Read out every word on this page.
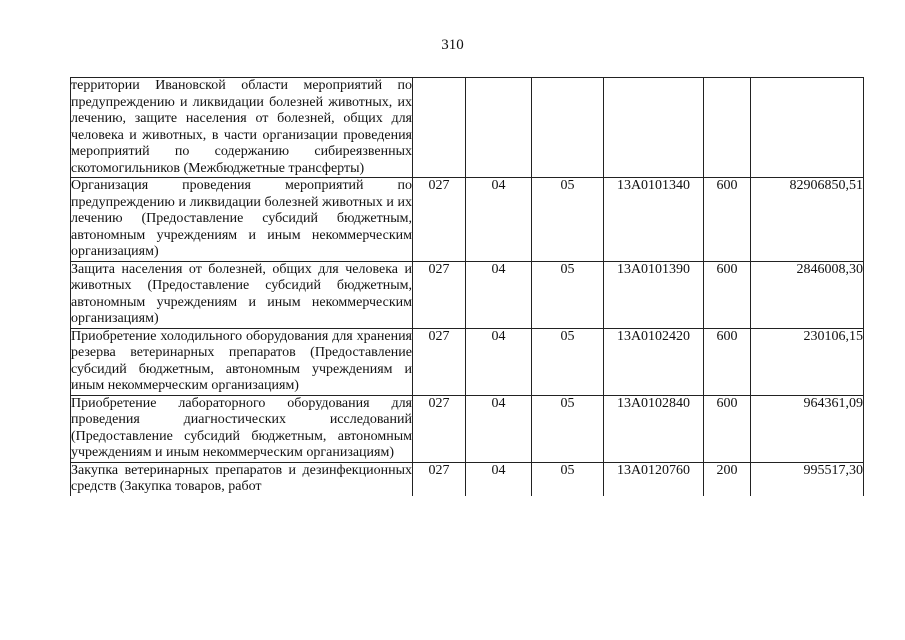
310
территории Ивановской области мероприятий по предупреждению и ликвидации болезней животных, их лечению, защите населения от болезней, общих для человека и животных, в части организации проведения мероприятий по содержанию сибиреязвенных скотомогильников (Межбюджетные трансферты)						
Организация проведения мероприятий по предупреждению и ликвидации болезней животных и их лечению (Предоставление субсидий бюджетным, автономным учреждениям и иным некоммерческим организациям)	027	04	05	13А0101340	600	82906850,51
Защита населения от болезней, общих для человека и животных (Предоставление субсидий бюджетным, автономным учреждениям и иным некоммерческим организациям)	027	04	05	13А0101390	600	2846008,30
Приобретение холодильного оборудования для хранения резерва ветеринарных препаратов (Предоставление субсидий бюджетным, автономным учреждениям и иным некоммерческим организациям)	027	04	05	13А0102420	600	230106,15
Приобретение лабораторного оборудования для проведения диагностических исследований (Предоставление субсидий бюджетным, автономным учреждениям и иным некоммерческим организациям)	027	04	05	13А0102840	600	964361,09
Закупка ветеринарных препаратов и дезинфекционных средств (Закупка товаров, работ	027	04	05	13А0120760	200	995517,30
